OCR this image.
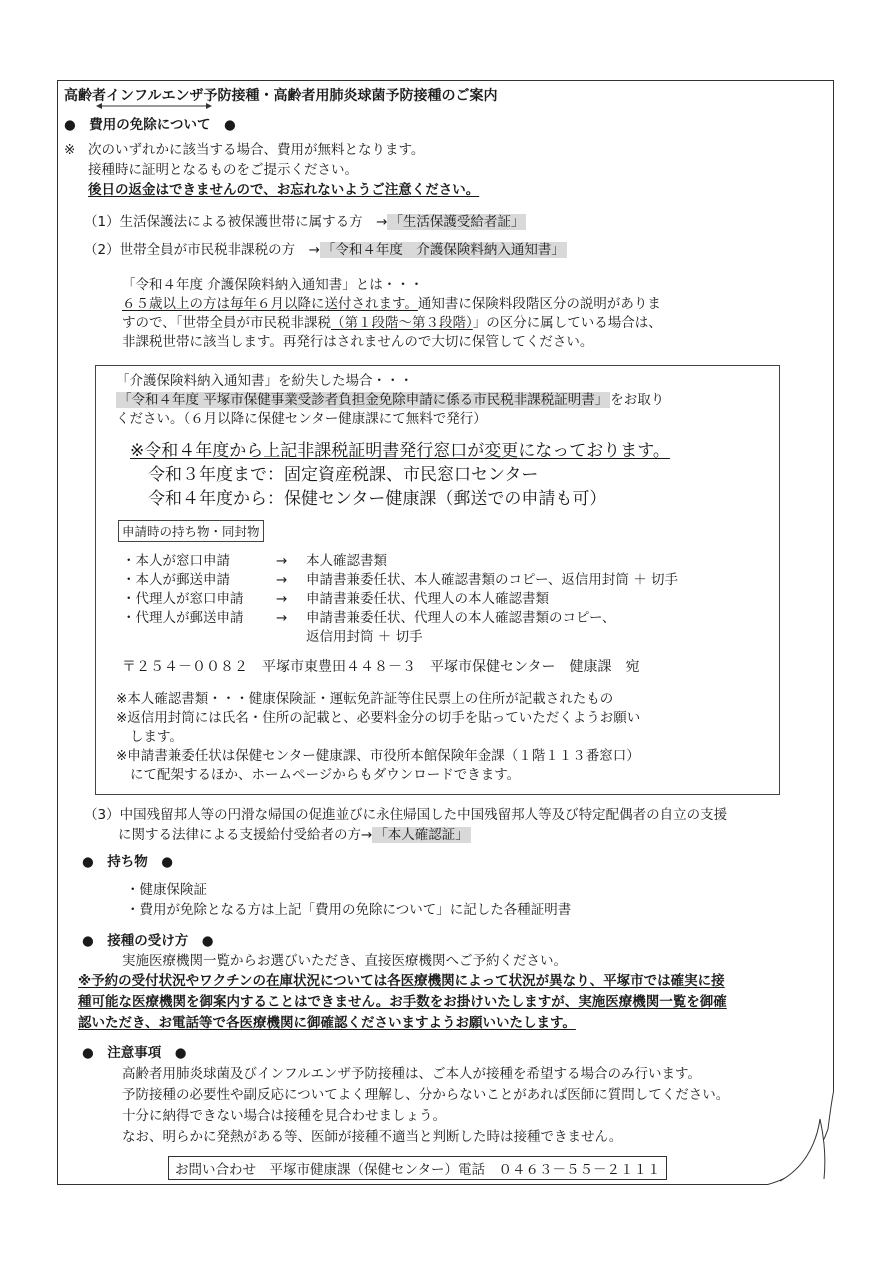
高齢者インフルエンザ予防接種・高齢者用肺炎球菌予防接種のご案内
●　費用の免除について　●
※ 次のいずれかに該当する場合、費用が無料となります。
接種時に証明となるものをご提示ください。
後日の返金はできませんので、お忘れないようご注意ください。
（1）生活保護法による被保護世帯に属する方　→ 「生活保護受給者証」
（2）世帯全員が市民税非課税の方　→ 「令和４年度　介護保険料納入通知書」
「令和４年度 介護保険料納入通知書」とは・・・
６５歳以上の方は毎年６月以降に送付されます。通知書に保険料段階区分の説明がありま
すので、「世帯全員が市民税非課税（第１段階～第３段階）」の区分に属している場合は、
非課税世帯に該当します。再発行はされませんので大切に保管してください。
「介護保険料納入通知書」を紛失した場合・・・
「令和４年度 平塚市保健事業受診者負担金免除申請に係る市民税非課税証明書」 をお取り
ください。（６月以降に保健センター健康課にて無料で発行）
※令和４年度から上記非課税証明書発行窓口が変更になっております。
令和３年度まで：固定資産税課、市民窓口センター
令和４年度から：保健センター健康課（郵送での申請も可）
申請時の持ち物・同封物
・本人が窓口申請	→ 本人確認書類
・本人が郵送申請	→ 申請書兼委任状、本人確認書類のコピー、返信用封筒 ＋ 切手
・代理人が窓口申請 → 申請書兼委任状、代理人の本人確認書類
・代理人が郵送申請 → 申請書兼委任状、代理人の本人確認書類のコピー、
返信用封筒 ＋ 切手
〒２５４－００８２　平塚市東豊田４４８－３　平塚市保健センター　健康課　宛
※本人確認書類・・・健康保険証・運転免許証等住民票上の住所が記載されたもの
※返信用封筒には氏名・住所の記載と、必要料金分の切手を貼っていただくようお願い
します。
※申請書兼委任状は保健センター健康課、市役所本館保険年金課（１階１１３番窓口）
にて配架するほか、ホームページからもダウンロードできます。
（3）中国残留邦人等の円滑な帰国の促進並びに永住帰国した中国残留邦人等及び特定配偶者の自立の支援
に関する法律による支援給付受給者の方→ 「本人確認証」
●　持ち物　●
・健康保険証
・費用が免除となる方は上記「費用の免除について」に記した各種証明書
●　接種の受け方　●
実施医療機関一覧からお選びいただき、直接医療機関へご予約ください。
※予約の受付状況やワクチンの在庫状況については各医療機関によって状況が異なり、平塚市では確実に接
種可能な医療機関を御案内することはできません。お手数をお掛けいたしますが、実施医療機関一覧を御確
認いただき、お電話等で各医療機関に御確認くださいますようお願いいたします。
●　注意事項　●
高齢者用肺炎球菌及びインフルエンザ予防接種は、ご本人が接種を希望する場合のみ行います。
予防接種の必要性や副反応についてよく理解し、分からないことがあれば医師に質問してください。
十分に納得できない場合は接種を見合わせましょう。
なお、明らかに発熱がある等、医師が接種不適当と判断した時は接種できません。
お問い合わせ　平塚市健康課（保健センター）電話　０４６３－５５－２１１１
